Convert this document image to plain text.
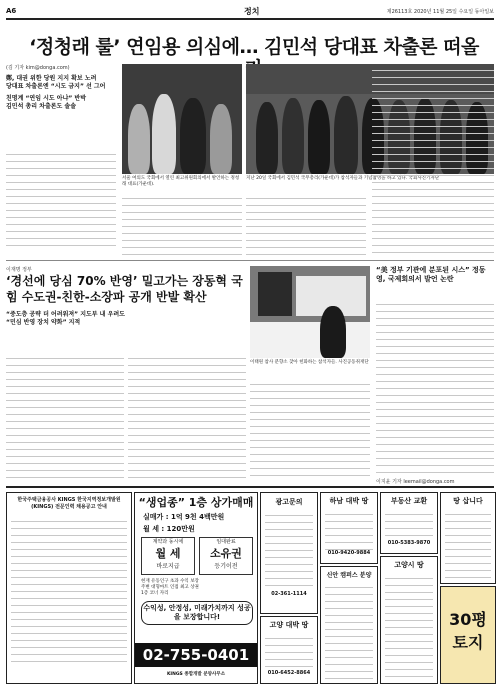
A6	정치	제26113호 2020년 11월 25일 수요일 동아일보
‘정청래 룰’ 연임용 의심에… 김민석 당대표 차출론 떠올
(김 기자 kim@donga.com)
鄭, 대권 위한 당원 지지 확보 노려
당대표 차출론엔 “시도 금지” 선 그어
친명계 “연임 시도 아냐” 반박
김민석 총리 차출론도 솔솔
서울 여의도 국회에서 열린 최고위원회의에서 발언하는 정청래 대표(가운데).
지난 20일 국회에서 김민석 국무총리(가운데)가 참석자들과 기념촬영을 하고 있다. 국회사진기자단
이재명 정부
‘경선에 당심 70% 반영’ 밀고가는 장동혁 국힘 수도권-친한-소장파 공개 반발 확산
“중도층 공략 더 어려워져” 지도부 내 우려도
“민심 반영 장치 약화” 지적
이태원 참사 분향소 찾아 헌화하는 참석자들. 사진공동취재단
“美 정부 기관에 분포된 시스” 정동영, 국제회의서 발언 논란
이지윤 기자 leemail@donga.com
한국주택금융공사 KINGS 한국지역정보개발원(KINGS) 전문인력 채용공고 안내	“생업종” 1층 상가매매
실매가 : 1억 9천 4백만원
월 세 : 120만원
계약과 동시에
월 세
바로지급
임대완료
소유권
등기이전
현재 유동인구 초과 수익 보장
주변 대형마트 인접 최고 상권
1층 코너 자리
수익성, 안정성, 미래가치까지 성공을 보장합니다!
02-755-0401
KINGS 종합개발 분양사무소
광고문의
02-361-1114
고양 대박 땅
010-6452-8864
하남 대박 땅
010-9420-9884
신안 캠퍼스 분양
부동산 교환
010-5383-9870
고양시 땅
땅 삽니다
30평 토지
